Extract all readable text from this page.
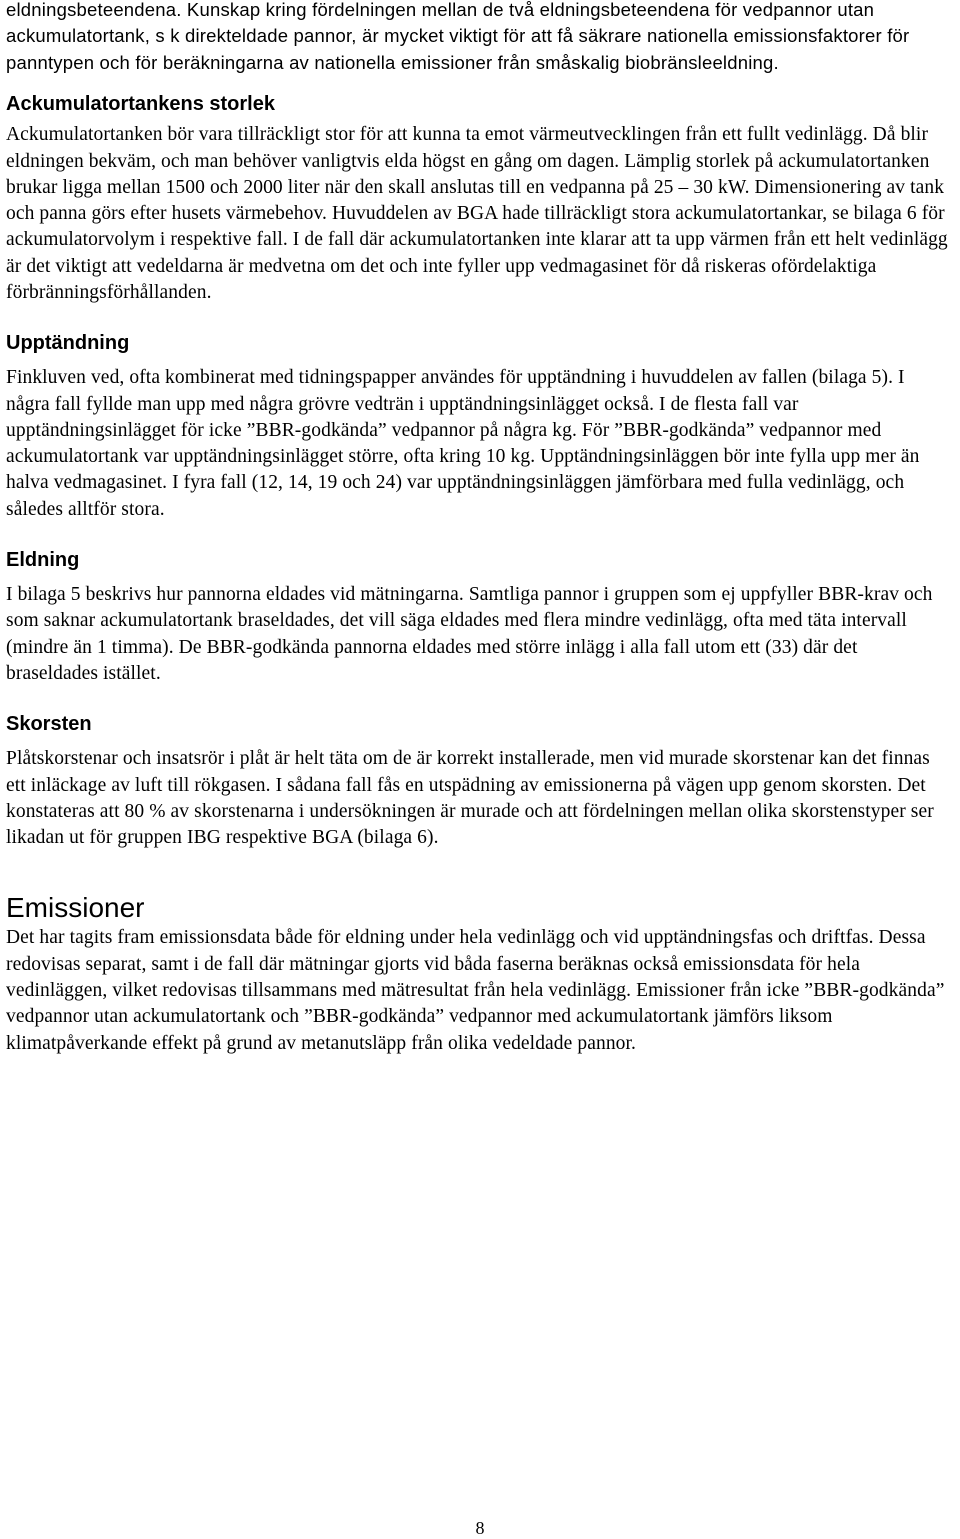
eldningsbeteendena. Kunskap kring fördelningen mellan de två eldningsbeteendena för vedpannor utan ackumulatortank, s k direkteldade pannor, är mycket viktigt för att få säkrare nationella emissionsfaktorer för panntypen och för beräkningarna av nationella emissioner från småskalig biobränsleeldning.

Ackumulatortankens storlek

Ackumulatortanken bör vara tillräckligt stor för att kunna ta emot värmeutvecklingen från ett fullt vedinlägg. Då blir eldningen bekväm, och man behöver vanligtvis elda högst en gång om dagen. Lämplig storlek på ackumulatortanken brukar ligga mellan 1500 och 2000 liter när den skall anslutas till en vedpanna på 25 – 30 kW. Dimensionering av tank och panna görs efter husets värmebehov. Huvuddelen av BGA hade tillräckligt stora ackumulatortankar, se bilaga 6 för ackumulatorvolym i respektive fall. I de fall där ackumulatortanken inte klarar att ta upp värmen från ett helt vedinlägg är det viktigt att vedeldarna är medvetna om det och inte fyller upp vedmagasinet för då riskeras ofördelaktiga förbränningsförhållanden.

Upptändning

Finkluven ved, ofta kombinerat med tidningspapper användes för upptändning i huvuddelen av fallen (bilaga 5). I några fall fyllde man upp med några grövre vedträn i upptändningsinlägget också. I de flesta fall var upptändningsinlägget för icke ”BBR-godkända” vedpannor på några kg. För ”BBR-godkända” vedpannor med ackumulatortank var upptändningsinlägget större, ofta kring 10 kg. Upptändningsinläggen bör inte fylla upp mer än halva vedmagasinet. I fyra fall (12, 14, 19 och 24) var upptändningsinläggen jämförbara med fulla vedinlägg, och således alltför stora.

Eldning

I bilaga 5 beskrivs hur pannorna eldades vid mätningarna. Samtliga pannor i gruppen som ej uppfyller BBR-krav och som saknar ackumulatortank braseldades, det vill säga eldades med flera mindre vedinlägg, ofta med täta intervall (mindre än 1 timma). De BBR-godkända pannorna eldades med större inlägg i alla fall utom ett (33) där det braseldades istället.

Skorsten

Plåtskorstenar och insatsrör i plåt är helt täta om de är korrekt installerade, men vid murade skorstenar kan det finnas ett inläckage av luft till rökgasen. I sådana fall fås en utspädning av emissionerna på vägen upp genom skorsten. Det konstateras att 80 % av skorstenarna i undersökningen är murade och att fördelningen mellan olika skorstenstyper ser likadan ut för gruppen IBG respektive BGA (bilaga 6).

Emissioner

Det har tagits fram emissionsdata både för eldning under hela vedinlägg och vid upptändningsfas och driftfas. Dessa redovisas separat, samt i de fall där mätningar gjorts vid båda faserna beräknas också emissionsdata för hela vedinläggen, vilket redovisas tillsammans med mätresultat från hela vedinlägg. Emissioner från icke ”BBR-godkända” vedpannor utan ackumulatortank och ”BBR-godkända” vedpannor med ackumulatortank jämförs liksom klimatpåverkande effekt på grund av metanutsläpp från olika vedeldade pannor.

8
